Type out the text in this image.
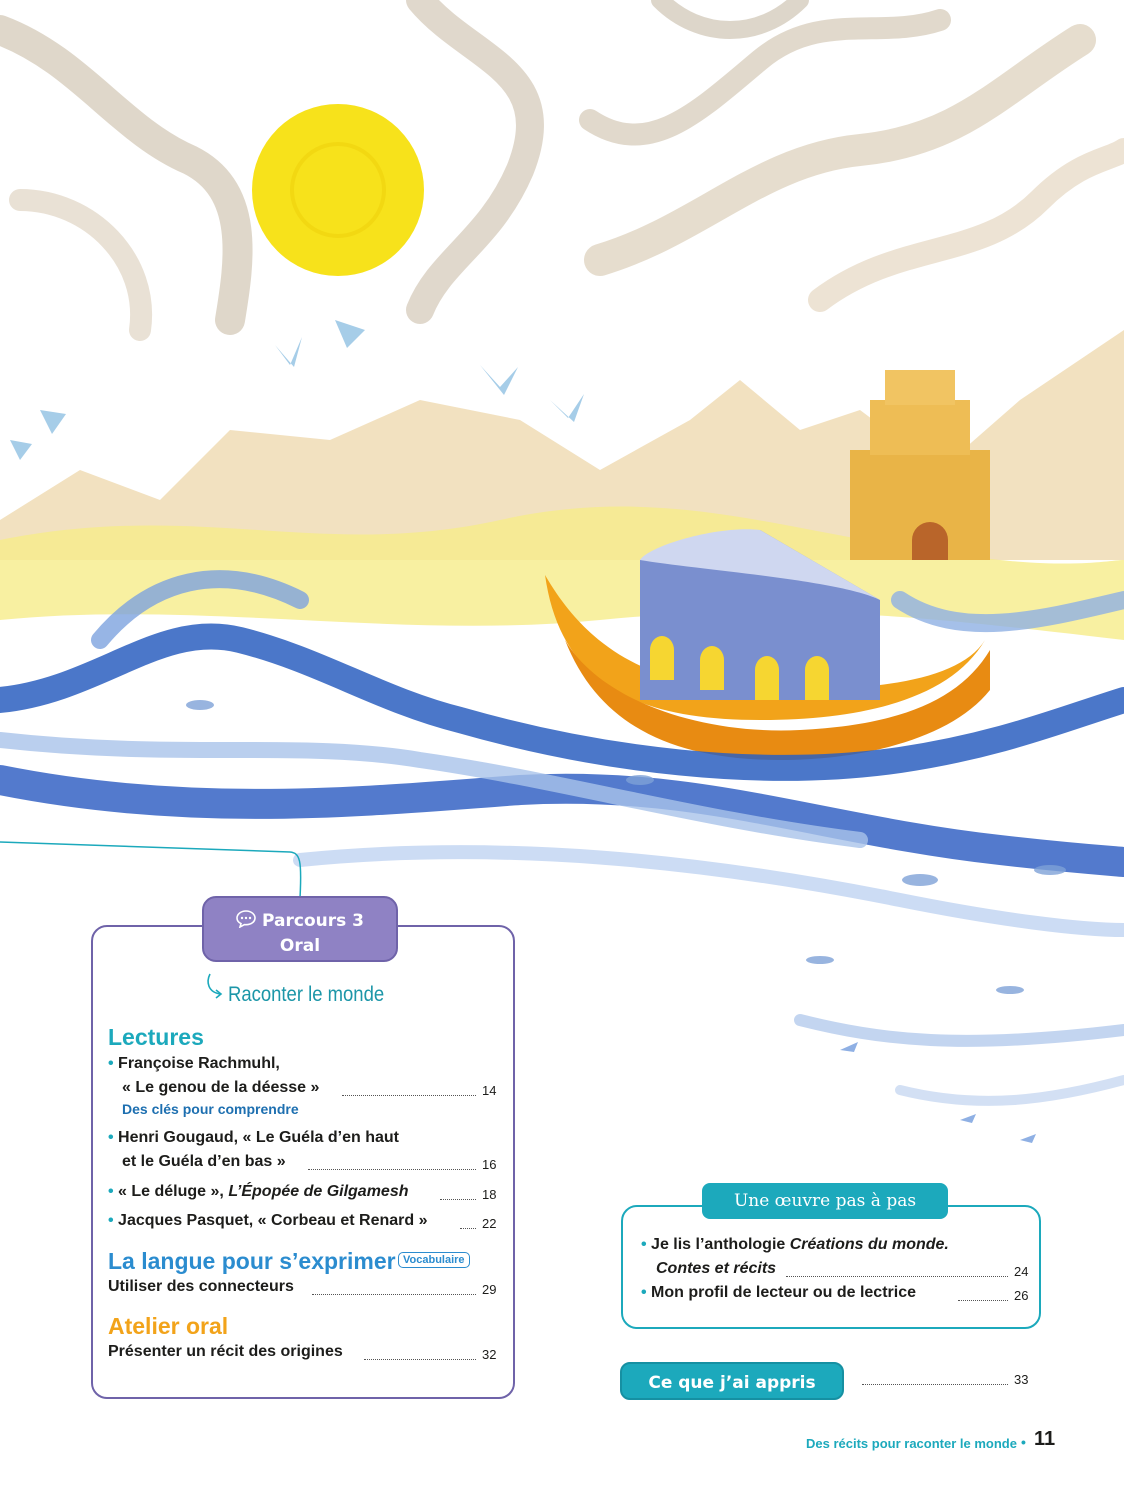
Parcours 3
Oral
Raconter le monde
Lectures
• Françoise Rachmuhl,
« Le genou de la déesse »	14
Des clés pour comprendre
• Henri Gougaud, « Le Guéla d’en haut
et le Guéla d’en bas »	16
• « Le déluge », L’Épopée de Gilgamesh	18
• Jacques Pasquet, « Corbeau et Renard »	22
La langue pour s’exprimer Vocabulaire
Utiliser des connecteurs	29
Atelier oral
Présenter un récit des origines	32
Une œuvre pas à pas
• Je lis l’anthologie Créations du monde.
Contes et récits	24
• Mon profil de lecteur ou de lectrice	26
Ce que j’ai appris	33
Des récits pour raconter le monde • 11
